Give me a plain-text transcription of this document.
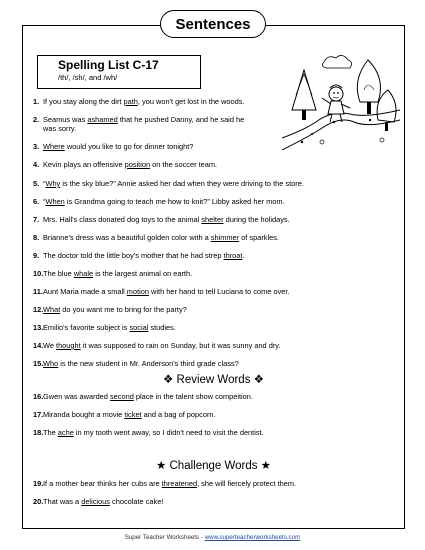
Sentences
Spelling List C-17
/th/, /sh/, and /wh/
1. If you stay along the dirt path, you won't get lost in the woods.
2. Seamus was ashamed that he pushed Danny, and he said he
was sorry.
3. Where would you like to go for dinner tonight?
4. Kevin plays an offensive position on the soccer team.
5. “Why is the sky blue?” Annie asked her dad when they were driving to the store.
6. “When is Grandma going to teach me how to knit?” Libby asked her mom.
7. Mrs. Hall's class donated dog toys to the animal shelter during the holidays.
8. Brianne's dress was a beautiful golden color with a shimmer of sparkles.
9. The doctor told the little boy's mother that he had strep throat.
10.The blue whale is the largest animal on earth.
11.Aunt Maria made a small motion with her hand to tell Luciana to come over.
12.What do you want me to bring for the party?
13.Emilio's favorite subject is social studies.
14.We thought it was supposed to rain on Sunday, but it was sunny and dry.
15.Who is the new student in Mr. Anderson's third grade class?
❖ Review Words ❖
16.Gwen was awarded second place in the talent show compeition.
17.Miranda bought a movie ticket and a bag of popcorn.
18.The ache in my tooth went away, so I didn't need to visit the dentist.
★ Challenge Words ★
19.If a mother bear thinks her cubs are threatened, she will fiercely protect them.
20.That was a delicious chocolate cake!
Super Teacher Worksheets - www.superteacherworksheets.com
